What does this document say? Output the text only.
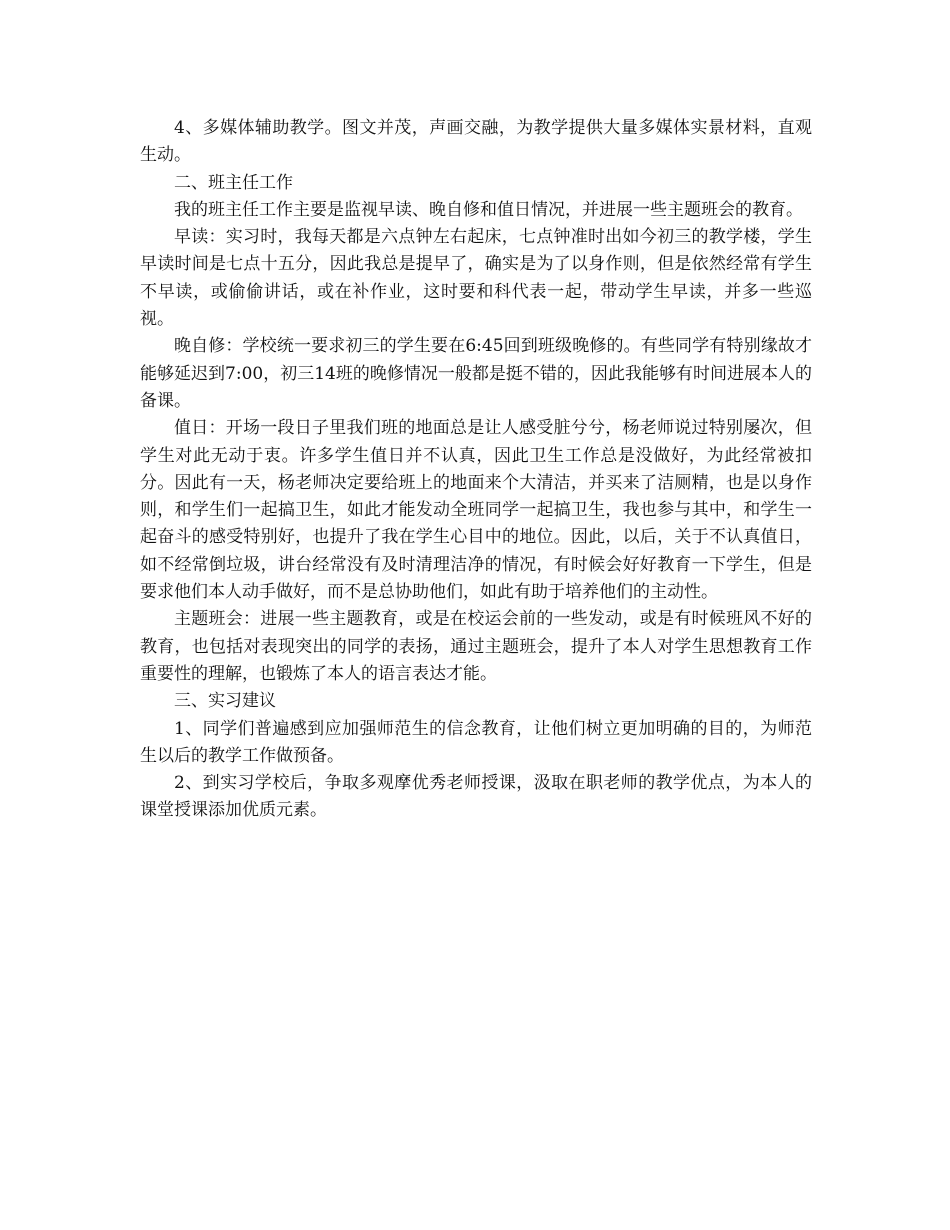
4、多媒体辅助教学。图文并茂，声画交融，为教学提供大量多媒体实景材料，直观生动。

二、班主任工作

我的班主任工作主要是监视早读、晚自修和值日情况，并进展一些主题班会的教育。

早读：实习时，我每天都是六点钟左右起床，七点钟准时出如今初三的教学楼，学生早读时间是七点十五分，因此我总是提早了，确实是为了以身作则，但是依然经常有学生不早读，或偷偷讲话，或在补作业，这时要和科代表一起，带动学生早读，并多一些巡视。

晚自修：学校统一要求初三的学生要在6:45回到班级晚修的。有些同学有特别缘故才能够延迟到7:00，初三14班的晚修情况一般都是挺不错的，因此我能够有时间进展本人的备课。

值日：开场一段日子里我们班的地面总是让人感受脏兮兮，杨老师说过特别屡次，但学生对此无动于衷。许多学生值日并不认真，因此卫生工作总是没做好，为此经常被扣分。因此有一天，杨老师决定要给班上的地面来个大清洁，并买来了洁厕精，也是以身作则，和学生们一起搞卫生，如此才能发动全班同学一起搞卫生，我也参与其中，和学生一起奋斗的感受特别好，也提升了我在学生心目中的地位。因此，以后，关于不认真值日，如不经常倒垃圾，讲台经常没有及时清理洁净的情况，有时候会好好教育一下学生，但是要求他们本人动手做好，而不是总协助他们，如此有助于培养他们的主动性。

主题班会：进展一些主题教育，或是在校运会前的一些发动，或是有时候班风不好的教育，也包括对表现突出的同学的表扬，通过主题班会，提升了本人对学生思想教育工作重要性的理解，也锻炼了本人的语言表达才能。

三、实习建议

1、同学们普遍感到应加强师范生的信念教育，让他们树立更加明确的目的，为师范生以后的教学工作做预备。

2、到实习学校后，争取多观摩优秀老师授课，汲取在职老师的教学优点，为本人的课堂授课添加优质元素。
